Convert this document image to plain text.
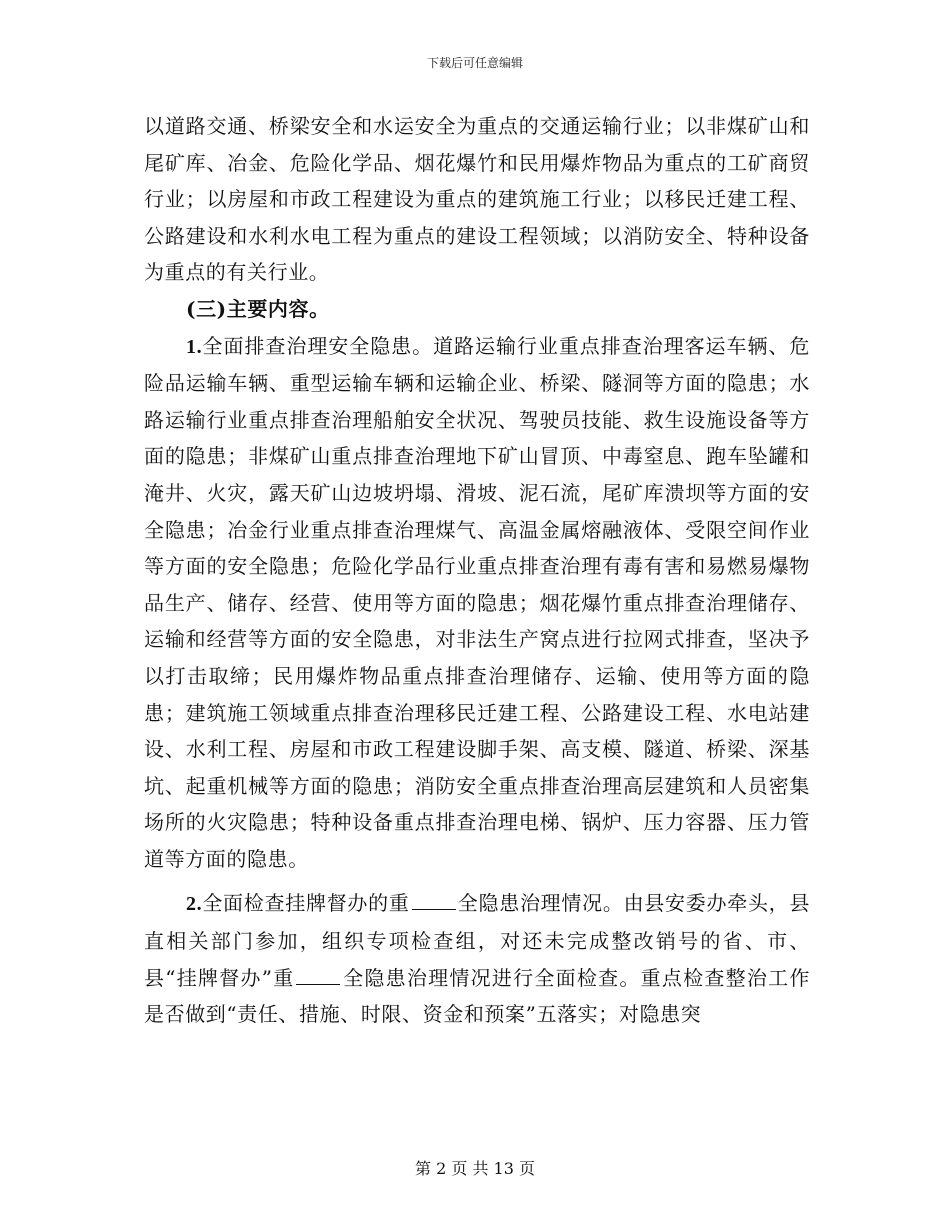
下载后可任意编辑

以道路交通、桥梁安全和水运安全为重点的交通运输行业；以非煤矿山和尾矿库、冶金、危险化学品、烟花爆竹和民用爆炸物品为重点的工矿商贸行业；以房屋和市政工程建设为重点的建筑施工行业；以移民迁建工程、公路建设和水利水电工程为重点的建设工程领域；以消防安全、特种设备为重点的有关行业。

(三)主要内容。

1.全面排查治理安全隐患。道路运输行业重点排查治理客运车辆、危险品运输车辆、重型运输车辆和运输企业、桥梁、隧洞等方面的隐患；水路运输行业重点排查治理船舶安全状况、驾驶员技能、救生设施设备等方面的隐患；非煤矿山重点排查治理地下矿山冒顶、中毒窒息、跑车坠罐和淹井、火灾，露天矿山边坡坍塌、滑坡、泥石流，尾矿库溃坝等方面的安全隐患；冶金行业重点排查治理煤气、高温金属熔融液体、受限空间作业等方面的安全隐患；危险化学品行业重点排查治理有毒有害和易燃易爆物品生产、储存、经营、使用等方面的隐患；烟花爆竹重点排查治理储存、运输和经营等方面的安全隐患，对非法生产窝点进行拉网式排查，坚决予以打击取缔；民用爆炸物品重点排查治理储存、运输、使用等方面的隐患；建筑施工领域重点排查治理移民迁建工程、公路建设工程、水电站建设、水利工程、房屋和市政工程建设脚手架、高支模、隧道、桥梁、深基坑、起重机械等方面的隐患；消防安全重点排查治理高层建筑和人员密集场所的火灾隐患；特种设备重点排查治理电梯、锅炉、压力容器、压力管道等方面的隐患。

2.全面检查挂牌督办的重 全隐患治理情况。由县安委办牵头，县直相关部门参加，组织专项检查组，对还未完成整改销号的省、市、县“挂牌督办”重 全隐患治理情况进行全面检查。重点检查整治工作是否做到“责任、措施、时限、资金和预案”五落实；对隐患突

第 2 页 共 13 页
